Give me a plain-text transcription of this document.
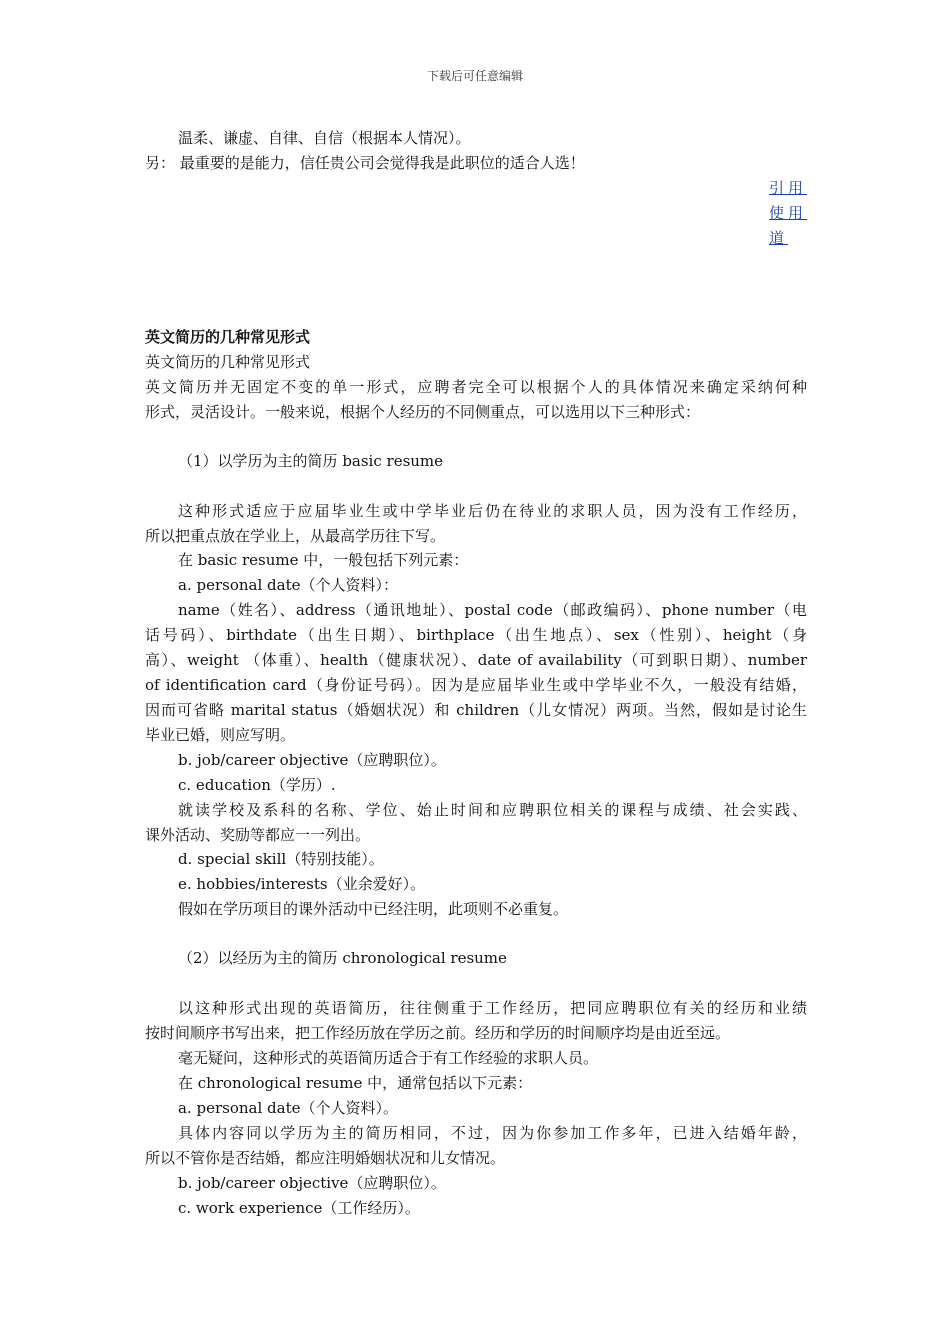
下载后可任意编辑
温柔、谦虚、自律、自信（根据本人情况）。
另： 最重要的是能力，信任贵公司会觉得我是此职位的适合人选！
引用
使用
道
英文简历的几种常见形式
英文简历的几种常见形式
英文简历并无固定不变的单一形式，应聘者完全可以根据个人的具体情况来确定采纳何种
形式，灵活设计。一般来说，根据个人经历的不同侧重点，可以选用以下三种形式：
（1）以学历为主的简历 basic resume
这种形式适应于应届毕业生或中学毕业后仍在待业的求职人员，因为没有工作经历，
所以把重点放在学业上，从最高学历往下写。
在 basic resume 中，一般包括下列元素：
a. personal date（个人资料）：
name（姓名）、address（通讯地址）、postal code（邮政编码）、phone number（电
话号码）、birthdate（出生日期）、birthplace（出生地点）、sex（性别）、height（身
高）、weight （体重）、health（健康状况）、date of availability（可到职日期）、number
of identification card（身份证号码）。因为是应届毕业生或中学毕业不久，一般没有结婚，
因而可省略 marital status（婚姻状况）和 children（儿女情况）两项。当然，假如是讨论生
毕业已婚，则应写明。
b. job/career objective（应聘职位）。
c. education（学历）.
就读学校及系科的名称、学位、始止时间和应聘职位相关的课程与成绩、社会实践、
课外活动、奖励等都应一一列出。
d. special skill（特别技能）。
e. hobbies/interests（业余爱好）。
假如在学历项目的课外活动中已经注明，此项则不必重复。
（2）以经历为主的简历 chronological resume
以这种形式出现的英语简历，往往侧重于工作经历，把同应聘职位有关的经历和业绩
按时间顺序书写出来，把工作经历放在学历之前。经历和学历的时间顺序均是由近至远。
毫无疑问，这种形式的英语简历适合于有工作经验的求职人员。
在 chronological resume 中，通常包括以下元素：
a. personal date（个人资料）。
具体内容同以学历为主的简历相同，不过，因为你参加工作多年，已进入结婚年龄，
所以不管你是否结婚，都应注明婚姻状况和儿女情况。
b. job/career objective（应聘职位）。
c. work experience（工作经历）。
